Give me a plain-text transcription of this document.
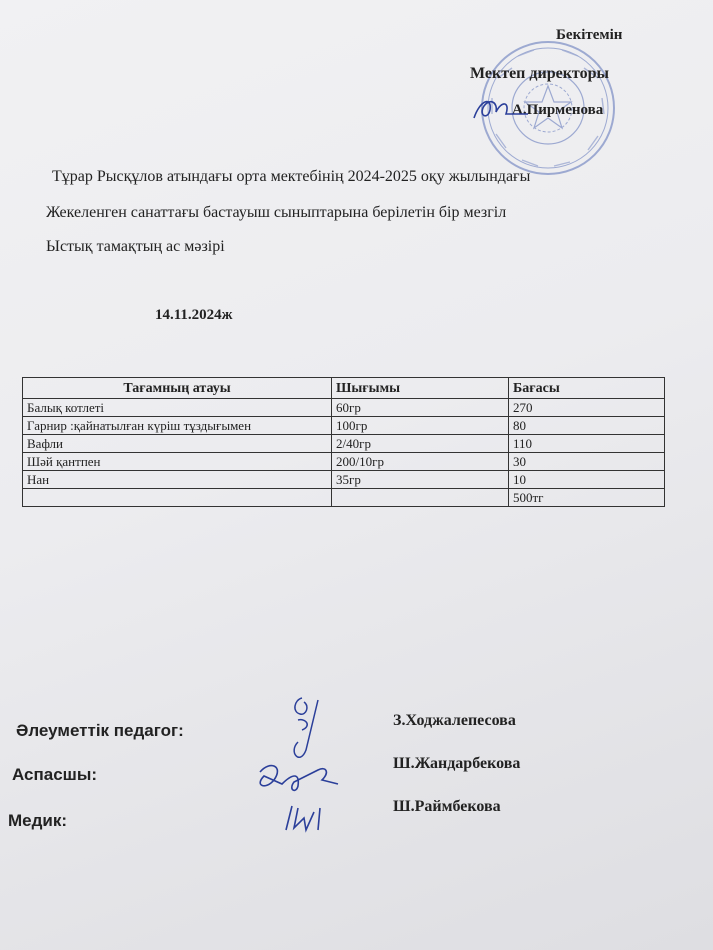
Бекітемін
Мектеп директоры
А.Пирменова
Тұрар Рысқұлов атындағы орта мектебінің 2024-2025 оқу жылындағы
Жекеленген санаттағы бастауыш сыныптарына берілетін бір мезгіл
Ыстық тамақтың ас мәзірі
14.11.2024ж
Тағамның атауы	Шығымы	Бағасы
Балық котлеті	60гр	270
Гарнир :қайнатылған күріш тұздығымен	100гр	80
Вафли	2/40гр	110
Шәй қантпен	200/10гр	30
Нан	35гр	10
		500тг
Әлеуметтік педагог:
Аспасшы:
Медик:
З.Ходжалепесова
Ш.Жандарбекова
Ш.Раймбекова
